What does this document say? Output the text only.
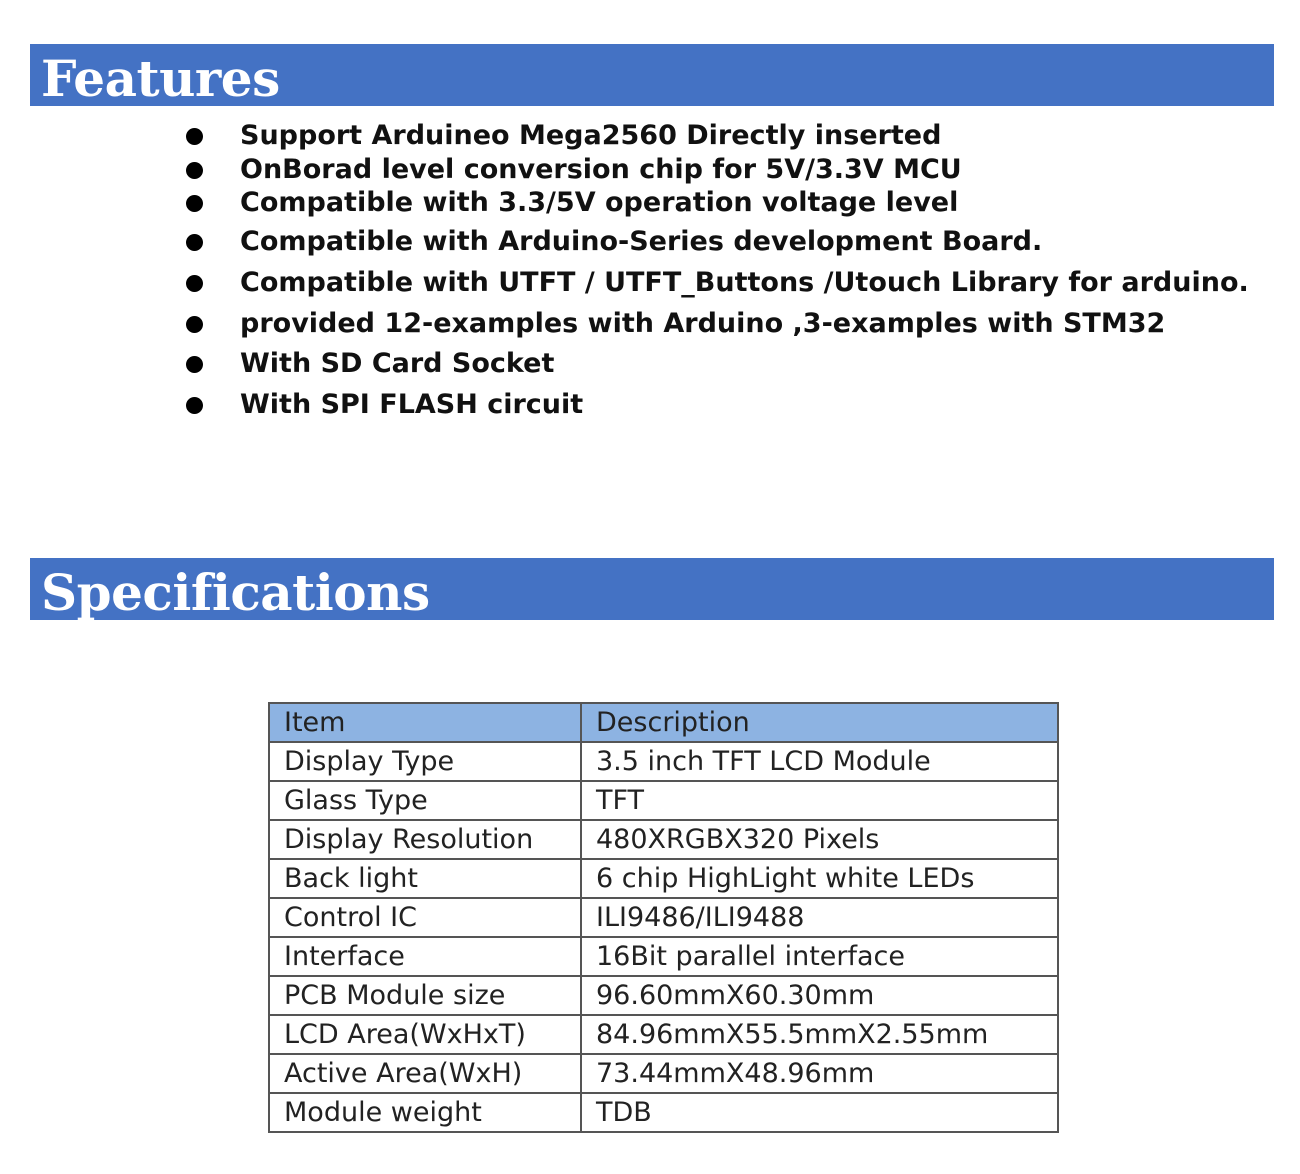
Features
Support Arduineo Mega2560 Directly inserted
OnBorad level conversion chip for 5V/3.3V MCU
Compatible with 3.3/5V operation voltage level
Compatible with Arduino-Series development Board.
Compatible with UTFT / UTFT_Buttons /Utouch Library for arduino.
provided 12-examples with Arduino ,3-examples with STM32
With SD Card Socket
With SPI FLASH circuit
Specifications
Item	Description
Display Type	3.5 inch TFT LCD Module
Glass Type	TFT
Display Resolution	480XRGBX320 Pixels
Back light	6 chip HighLight white LEDs
Control IC	ILI9486/ILI9488
Interface	16Bit parallel interface
PCB Module size	96.60mmX60.30mm
LCD Area(WxHxT)	84.96mmX55.5mmX2.55mm
Active Area(WxH)	73.44mmX48.96mm
Module weight	TDB
